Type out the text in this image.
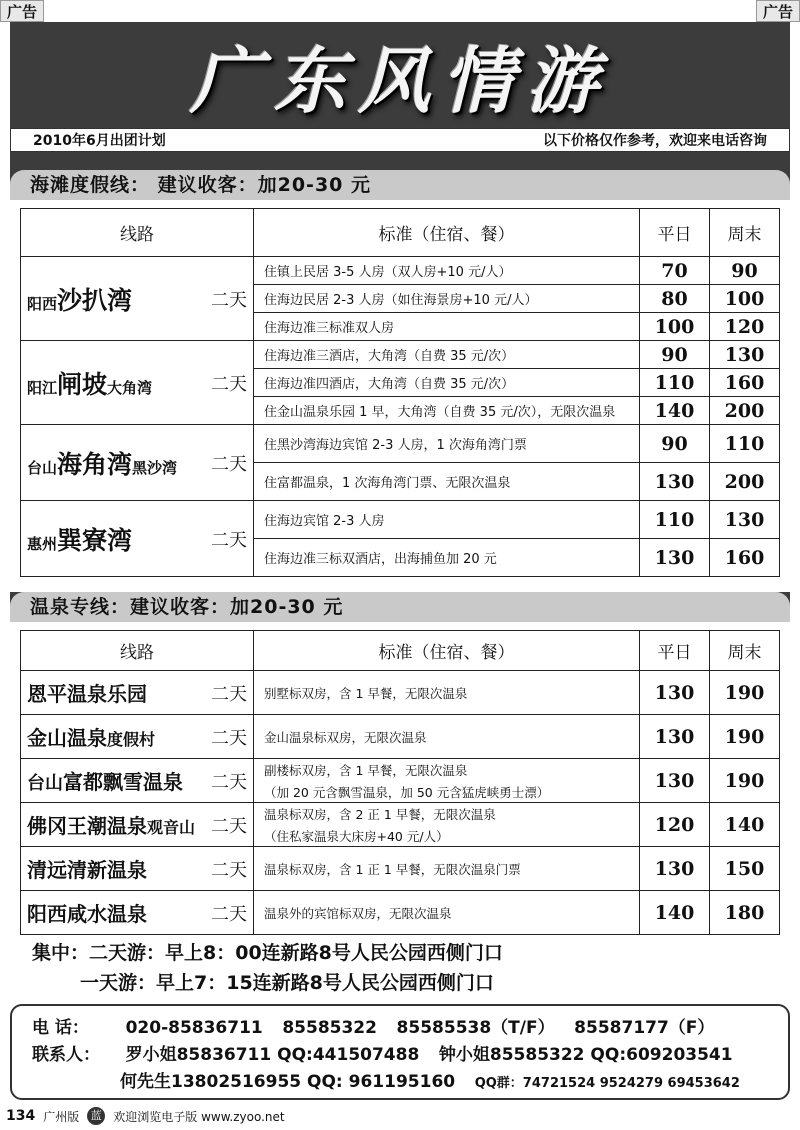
广告	广告
广东风情游
2010年6月出团计划	以下价格仅作参考，欢迎来电话咨询
海滩度假线： 建议收客：加20-30 元
线路	标准（住宿、餐）	平日	周末

阳西沙扒湾 二天	住镇上民居 3-5 人房（双人房+10 元/人）	70	90
	住海边民居 2-3 人房（如住海景房+10 元/人）	80	100
	住海边准三标准双人房	100	120

阳江闸坡大角湾 二天	住海边准三酒店，大角湾（自费 35 元/次）	90	130
	住海边准四酒店，大角湾（自费 35 元/次）	110	160
	住金山温泉乐园 1 早，大角湾（自费 35 元/次），无限次温泉	140	200

台山海角湾黑沙湾 二天	住黑沙湾海边宾馆 2-3 人房，1 次海角湾门票	90	110
	住富都温泉，1 次海角湾门票、无限次温泉	130	200

惠州巽寮湾 二天	住海边宾馆 2-3 人房	110	130
	住海边准三标双酒店，出海捕鱼加 20 元	130	160
温泉专线：建议收客：加20-30 元
线路	标准（住宿、餐）	平日	周末

恩平温泉乐园 二天	别墅标双房，含 1 早餐，无限次温泉	130	190

金山温泉度假村 二天	金山温泉标双房，无限次温泉	130	190

台山富都飘雪温泉 二天	副楼标双房，含 1 早餐，无限次温泉
（加 20 元含飘雪温泉，加 50 元含猛虎峡勇士漂）	130	190

佛冈王潮温泉观音山 二天	温泉标双房，含 2 正 1 早餐，无限次温泉
（住私家温泉大床房+40 元/人）	120	140

清远清新温泉 二天	温泉标双房，含 1 正 1 早餐，无限次温泉门票	130	150

阳西咸水温泉 二天	温泉外的宾馆标双房，无限次温泉	140	180
集中：二天游：早上8：00连新路8号人民公园西侧门口
一天游：早上7：15连新路8号人民公园西侧门口
电 话： 020-85836711 85585322 85585538（T/F） 85587177（F）
联系人： 罗小姐85836711 QQ:441507488 钟小姐85585322 QQ:609203541
何先生13802516955 QQ: 961195160 QQ群：74721524 9524279 69453642
134 广州版	蓝 欢迎浏览电子版 www.zyoo.net
